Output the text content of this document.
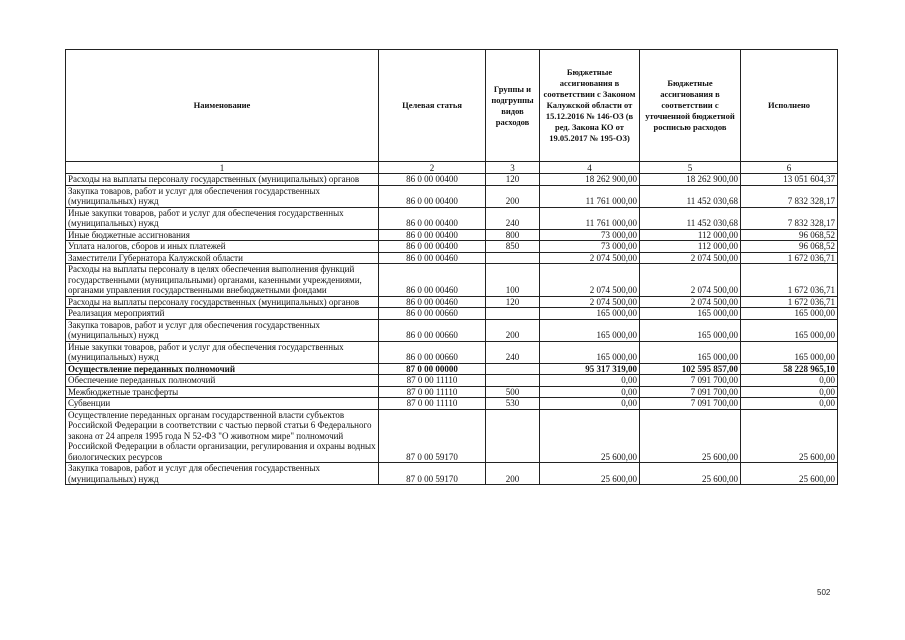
Наименование	Целевая статья	Группы и подгруппы видов расходов	Бюджетные ассигнования в соответствии с Законом Калужской области от 15.12.2016 № 146-ОЗ (в ред. Закона КО от 19.05.2017 № 195-ОЗ)	Бюджетные ассигнования в соответствии с уточненной бюджетной росписью расходов	Исполнено
1	2	3	4	5	6
Расходы на выплаты персоналу государственных (муниципальных) органов	86 0 00 00400	120	18 262 900,00	18 262 900,00	13 051 604,37
Закупка товаров, работ и услуг для обеспечения государственных (муниципальных) нужд	86 0 00 00400	200	11 761 000,00	11 452 030,68	7 832 328,17
Иные закупки товаров, работ и услуг для обеспечения государственных (муниципальных) нужд	86 0 00 00400	240	11 761 000,00	11 452 030,68	7 832 328,17
Иные бюджетные ассигнования	86 0 00 00400	800	73 000,00	112 000,00	96 068,52
Уплата налогов, сборов и иных платежей	86 0 00 00400	850	73 000,00	112 000,00	96 068,52
Заместители Губернатора Калужской области	86 0 00 00460		2 074 500,00	2 074 500,00	1 672 036,71
Расходы на выплаты персоналу в целях обеспечения выполнения функций государственными (муниципальными) органами, казенными учреждениями, органами управления государственными внебюджетными фондами	86 0 00 00460	100	2 074 500,00	2 074 500,00	1 672 036,71
Расходы на выплаты персоналу государственных (муниципальных) органов	86 0 00 00460	120	2 074 500,00	2 074 500,00	1 672 036,71
Реализация мероприятий	86 0 00 00660		165 000,00	165 000,00	165 000,00
Закупка товаров, работ и услуг для обеспечения государственных (муниципальных) нужд	86 0 00 00660	200	165 000,00	165 000,00	165 000,00
Иные закупки товаров, работ и услуг для обеспечения государственных (муниципальных) нужд	86 0 00 00660	240	165 000,00	165 000,00	165 000,00
Осуществление переданных полномочий	87 0 00 00000		95 317 319,00	102 595 857,00	58 228 965,10
Обеспечение переданных полномочий	87 0 00 11110		0,00	7 091 700,00	0,00
Межбюджетные трансферты	87 0 00 11110	500	0,00	7 091 700,00	0,00
Субвенции	87 0 00 11110	530	0,00	7 091 700,00	0,00
Осуществление переданных органам государственной власти субъектов Российской Федерации в соответствии с частью первой статьи 6 Федерального закона от 24 апреля 1995 года N 52-ФЗ "О животном мире" полномочий Российской Федерации в области организации, регулирования и охраны водных биологических ресурсов	87 0 00 59170		25 600,00	25 600,00	25 600,00
Закупка товаров, работ и услуг для обеспечения государственных (муниципальных) нужд	87 0 00 59170	200	25 600,00	25 600,00	25 600,00
502
